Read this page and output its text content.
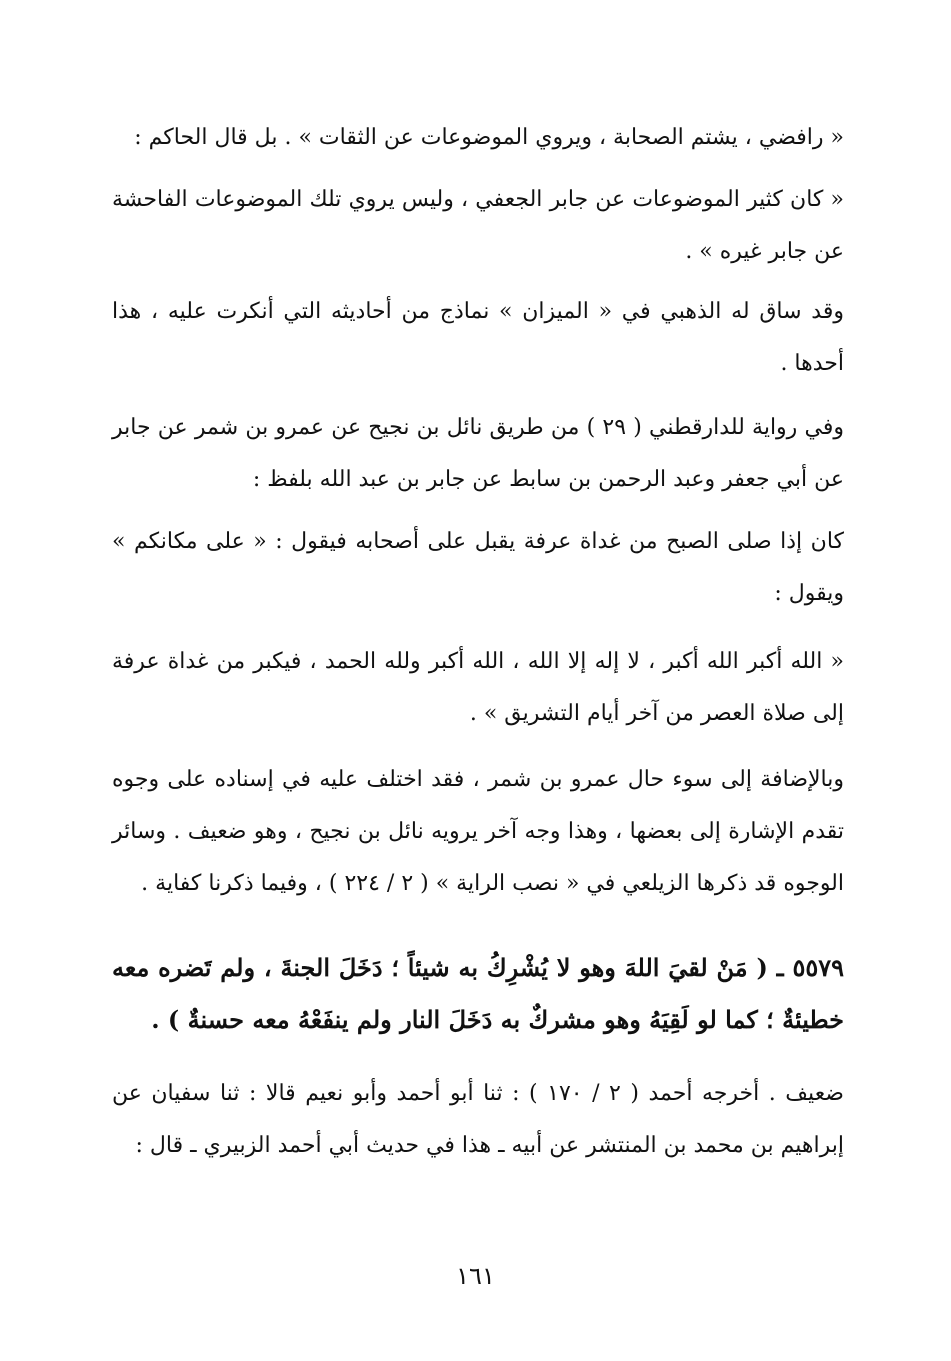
« رافضي ، يشتم الصحابة ، ويروي الموضوعات عن الثقات » . بل قال الحاكم :

« كان كثير الموضوعات عن جابر الجعفي ، وليس يروي تلك الموضوعات الفاحشة عن جابر غيره » .

وقد ساق له الذهبي في « الميزان » نماذج من أحاديثه التي أنكرت عليه ، هذا أحدها .

وفي رواية للدارقطني ( ٢٩ ) من طريق نائل بن نجيح عن عمرو بن شمر عن جابر عن أبي جعفر وعبد الرحمن بن سابط عن جابر بن عبد الله بلفظ :

كان إذا صلى الصبح من غداة عرفة يقبل على أصحابه فيقول : « على مكانكم » ويقول :

« الله أكبر الله أكبر ، لا إله إلا الله ، الله أكبر ولله الحمد ، فيكبر من غداة عرفة إلى صلاة العصر من آخر أيام التشريق » .

وبالإضافة إلى سوء حال عمرو بن شمر ، فقد اختلف عليه في إسناده على وجوه تقدم الإشارة إلى بعضها ، وهذا وجه آخر يرويه نائل بن نجيح ، وهو ضعيف . وسائر الوجوه قد ذكرها الزيلعي في « نصب الراية » ( ٢ / ٢٢٤ ) ، وفيما ذكرنا كفاية .

٥٥٧٩ ـ ( مَنْ لقيَ اللهَ وهو لا يُشْرِكُ به شيئاً ؛ دَخَلَ الجنةَ ، ولم تَضره معه خطيئةٌ ؛ كما لو لَقِيَهُ وهو مشركٌ به دَخَلَ النار ولم ينفَعْهُ معه حسنةٌ ) .

ضعيف . أخرجه أحمد ( ٢ / ١٧٠ ) : ثنا أبو أحمد وأبو نعيم قالا : ثنا سفيان عن إبراهيم بن محمد بن المنتشر عن أبيه ـ هذا في حديث أبي أحمد الزبيري ـ قال :

١٦١
